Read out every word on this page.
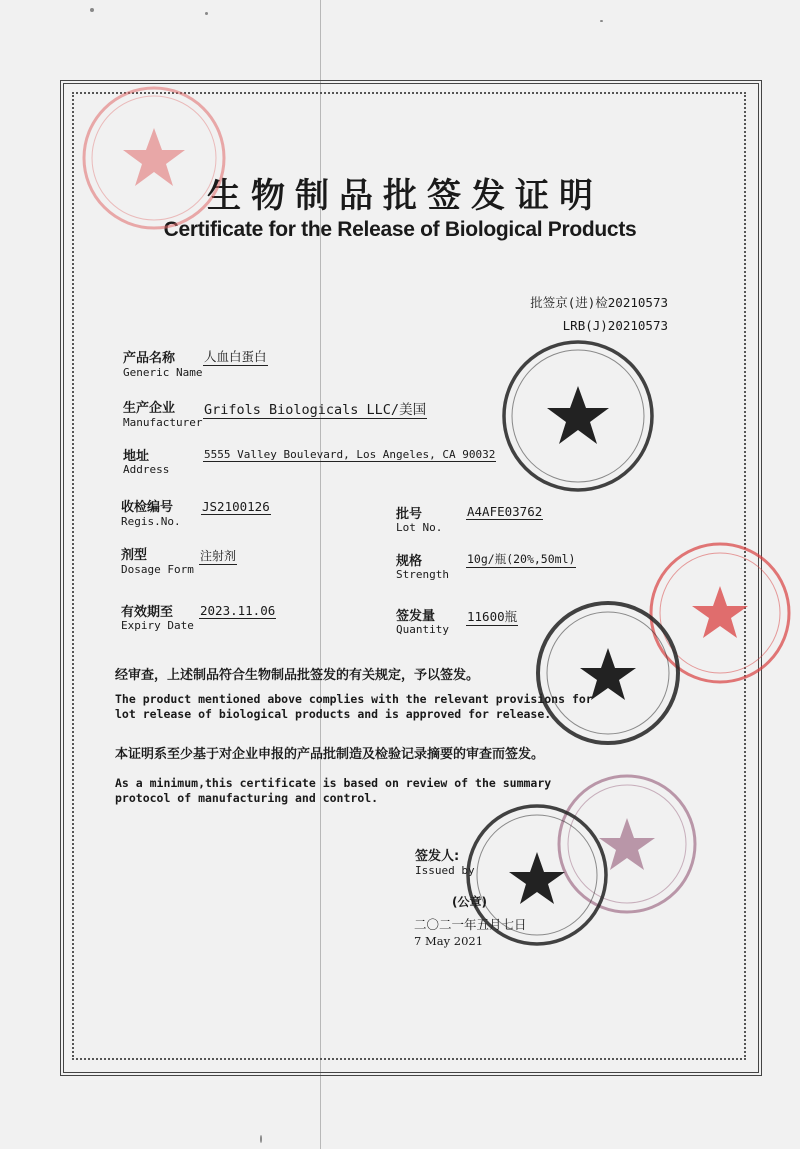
生物制品批签发证明
Certificate for the Release of Biological Products
批签京(进)检20210573
LRB(J)20210573
产品名称
Generic Name
人血白蛋白
生产企业
Manufacturer
Grifols Biologicals LLC/美国
地址
Address
5555 Valley Boulevard, Los Angeles, CA 90032
收检编号
Regis.No.
JS2100126
批号
Lot No.
A4AFE03762
剂型
Dosage Form
注射剂	规格
Strength
10g/瓶(20%,50ml)
有效期至
Expiry Date
2023.11.06	签发量
Quantity
11600瓶
经审查，上述制品符合生物制品批签发的有关规定，予以签发。
The product mentioned above complies with the relevant provisions for lot release of biological products and is approved for release.
本证明系至少基于对企业申报的产品批制造及检验记录摘要的审查而签发。
As a minimum,this certificate is based on review of the summary protocol of manufacturing and control.
签发人:
Issued by
(公章)
二〇二一年五月七日
7 May 2021
